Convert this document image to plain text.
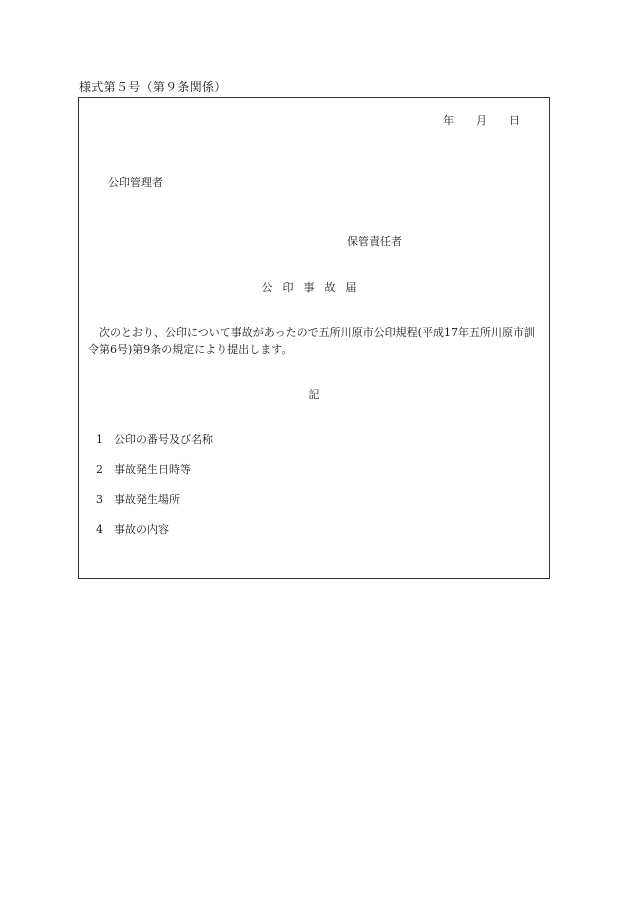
様式第５号（第９条関係）
年 月 日
公印管理者
保管責任者
公印事故届
次のとおり、公印について事故があったので五所川原市公印規程(平成17年五所川原市訓令第6号)第9条の規定により提出します。
記
1 公印の番号及び名称
2 事故発生日時等
3 事故発生場所
4 事故の内容
